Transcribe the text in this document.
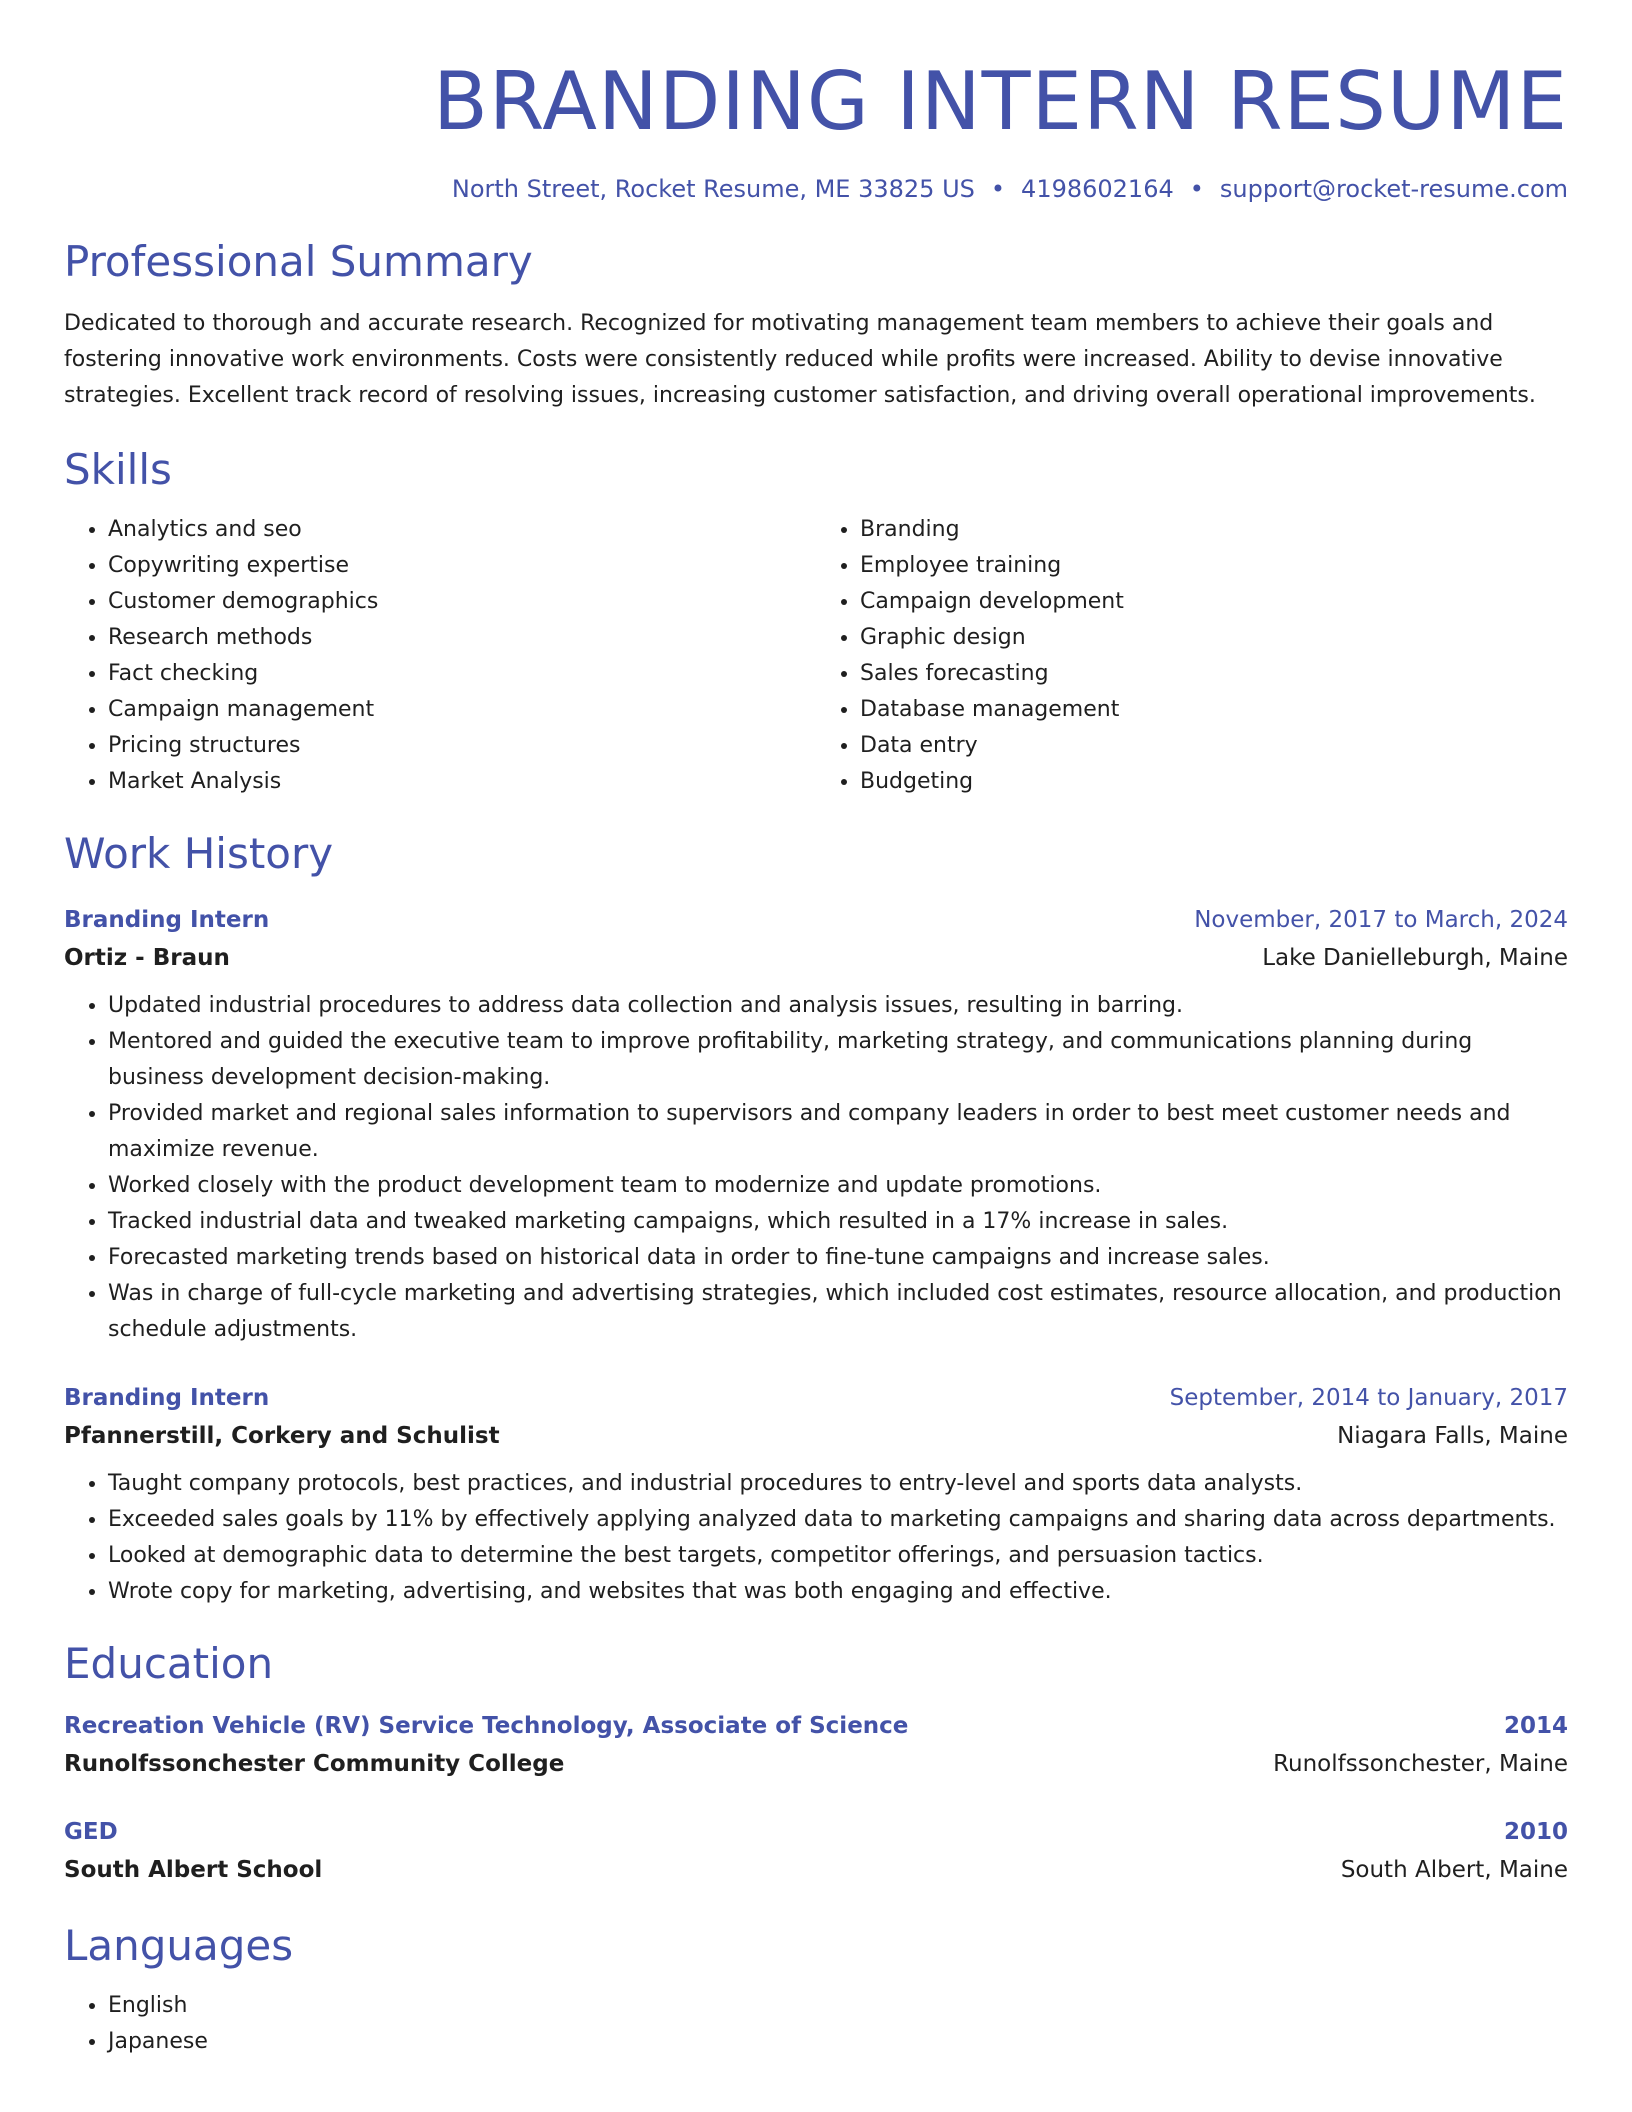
BRANDING INTERN RESUME
North Street, Rocket Resume, ME 33825 US • 4198602164 • support@rocket-resume.com
Professional Summary
Dedicated to thorough and accurate research. Recognized for motivating management team members to achieve their goals and fostering innovative work environments. Costs were consistently reduced while profits were increased. Ability to devise innovative strategies. Excellent track record of resolving issues, increasing customer satisfaction, and driving overall operational improvements.
Skills
• Analytics and seo
• Copywriting expertise
• Customer demographics
• Research methods
• Fact checking
• Campaign management
• Pricing structures
• Market Analysis
• Branding
• Employee training
• Campaign development
• Graphic design
• Sales forecasting
• Database management
• Data entry
• Budgeting
Work History
Branding Intern	November, 2017 to March, 2024
Ortiz - Braun	Lake Danielleburgh, Maine
• Updated industrial procedures to address data collection and analysis issues, resulting in barring.
• Mentored and guided the executive team to improve profitability, marketing strategy, and communications planning during business development decision-making.
• Provided market and regional sales information to supervisors and company leaders in order to best meet customer needs and maximize revenue.
• Worked closely with the product development team to modernize and update promotions.
• Tracked industrial data and tweaked marketing campaigns, which resulted in a 17% increase in sales.
• Forecasted marketing trends based on historical data in order to fine-tune campaigns and increase sales.
• Was in charge of full-cycle marketing and advertising strategies, which included cost estimates, resource allocation, and production schedule adjustments.
Branding Intern	September, 2014 to January, 2017
Pfannerstill, Corkery and Schulist	Niagara Falls, Maine
• Taught company protocols, best practices, and industrial procedures to entry-level and sports data analysts.
• Exceeded sales goals by 11% by effectively applying analyzed data to marketing campaigns and sharing data across departments.
• Looked at demographic data to determine the best targets, competitor offerings, and persuasion tactics.
• Wrote copy for marketing, advertising, and websites that was both engaging and effective.
Education
Recreation Vehicle (RV) Service Technology, Associate of Science	2014
Runolfssonchester Community College	Runolfssonchester, Maine
GED	2010
South Albert School	South Albert, Maine
Languages
• English
• Japanese
